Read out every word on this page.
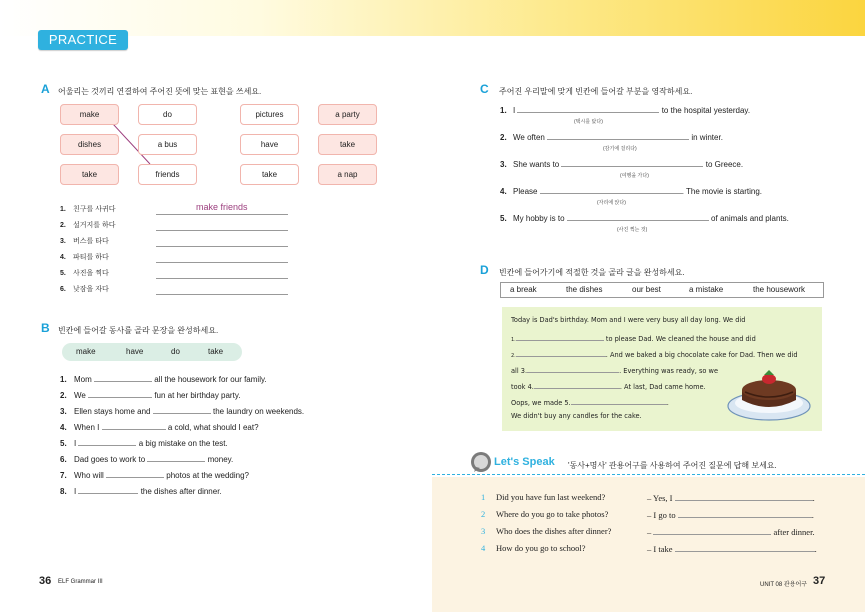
PRACTICE
A 어울리는 것끼리 연결하여 주어진 뜻에 맞는 표현을 쓰세요.
make	do	pictures	a party
dishes	a bus	have	take
take	friends	take	a nap
1. 친구를 사귀다	make friends
2. 설거지를 하다
3. 버스를 타다
4. 파티를 하다
5. 사진을 찍다
6. 낮잠을 자다
B 빈칸에 들어갈 동사를 골라 문장을 완성하세요.
make	have	do	take
1. Mom	all the housework for our family.
2. We	fun at her birthday party.
3. Ellen stays home and	the laundry on weekends.
4. When I	a cold, what should I eat?
5. I	a big mistake on the test.
6. Dad goes to work to	money.
7. Who will	photos at the wedding?
8. I	the dishes after dinner.
C 주어진 우리말에 맞게 빈칸에 들어갈 부분을 영작하세요.
1. I	to the hospital yesterday.
(택시를 탔다)
2. We often	in winter.
(감기에 걸리다)
3. She wants to	to Greece.
(여행을 가다)
4. Please	. The movie is starting.
(자리에 앉다)
5. My hobby is to	of animals and plants.
(사진 찍는 것)
D 빈칸에 들어가기에 적절한 것을 골라 글을 완성하세요.
a break	the dishes	our best	a mistake	the housework
Today is Dad's birthday. Mom and I were very busy all day long. We did
1.	to please Dad. We cleaned the house and did
2.	. And we baked a big chocolate cake for Dad. Then we did
all 3.	. Everything was ready, so we
took 4.	. At last, Dad came home.
Oops, we made 5.	.
We didn't buy any candles for the cake.
Let's Speak '동사+명사' 관용어구를 사용하여 주어진 질문에 답해 보세요.
1 Did you have fun last weekend?	– Yes, I	.
2 Where do you go to take photos?	– I go to	.
3 Who does the dishes after dinner?	–	after dinner.
4 How do you go to school?	– I take	.
36 ELF Grammar III	UNIT 08 관용어구 37
